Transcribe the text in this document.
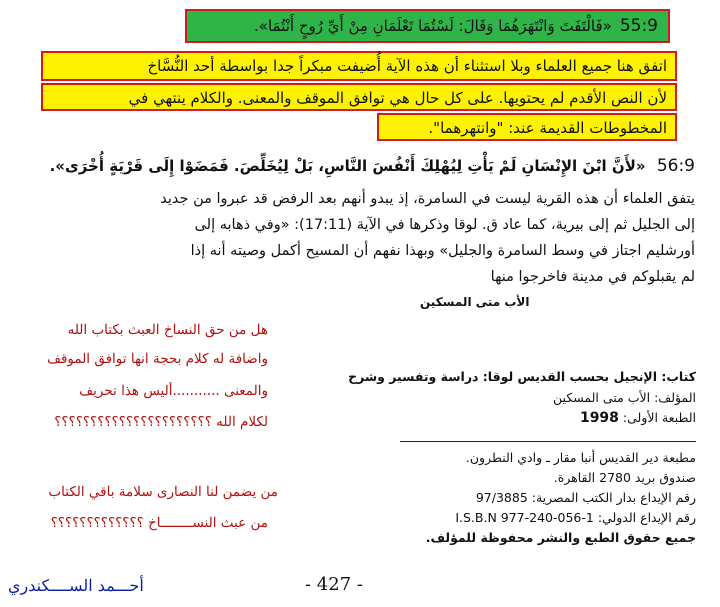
55:9
«فَالْتَفَتَ وَانْتَهَرَهُمَا وَقَالَ: لَسْتُمَا تَعْلَمَانِ مِنْ أَيِّ رُوحٍ أَنْتُمَا».
اتفق هنا جميع العلماء وبلا استثناء أن هذه الآية أُضيفت مبكراً جدا بواسطة أحد النُّسَّاخ
لأن النص الأقدم لم يحتويها. على كل حال هي توافق الموقف والمعنى. والكلام ينتهي في
المخطوطات القديمة عند: "وانتهرهما".
56:9 «لأَنَّ ابْنَ الإِنْسَانِ لَمْ يَأْتِ لِيُهْلِكَ أَنْفُسَ النَّاسِ، بَلْ لِيُخَلِّصَ. فَمَضَوْا إِلَى قَرْيَةٍ أُخْرَى».
يتفق العلماء أن هذه القرية ليست في السامرة، إذ يبدو أنهم بعد الرفض قد عبروا من جديد
إلى الجليل ثم إلى بيرية، كما عاد ق. لوقا وذكرها في الآية (17:11): «وفي ذهابه إلى
أورشليم اجتاز في وسط السامرة والجليل» وبهذا نفهم أن المسيح أكمل وصيته أنه إذا
لم يقبلوكم في مدينة فاخرجوا منها
الأب متى المسكين
هل من حق النساخ العبث بكتاب الله
واضافة له كلام بحجة انها توافق الموقف
والمعنى ...........أليس هذا تحريف
لكلام الله ؟؟؟؟؟؟؟؟؟؟؟؟؟؟؟؟؟؟؟؟؟؟
من يضمن لنا النصارى سلامة باقي الكتاب
من عبث النســــــــاخ ؟؟؟؟؟؟؟؟؟؟؟؟؟
كتاب: الإنجيل بحسب القديس لوقا: دراسة وتفسير وشرح
المؤلف: الأب متى المسكين
الطبعة الأولى: 1998
مطبعة دير القديس أنبا مقار ـ وادي النطرون.
صندوق بريد 2780 القاهرة.
رقم الإيداع بدار الكتب المصرية: 97/3885
رقم الإيداع الدولي: I.S.B.N 977-240-056-1
جميع حقوق الطبع والنشر محفوظة للمؤلف.
- 427 -
أحـــمد الســــكندري
